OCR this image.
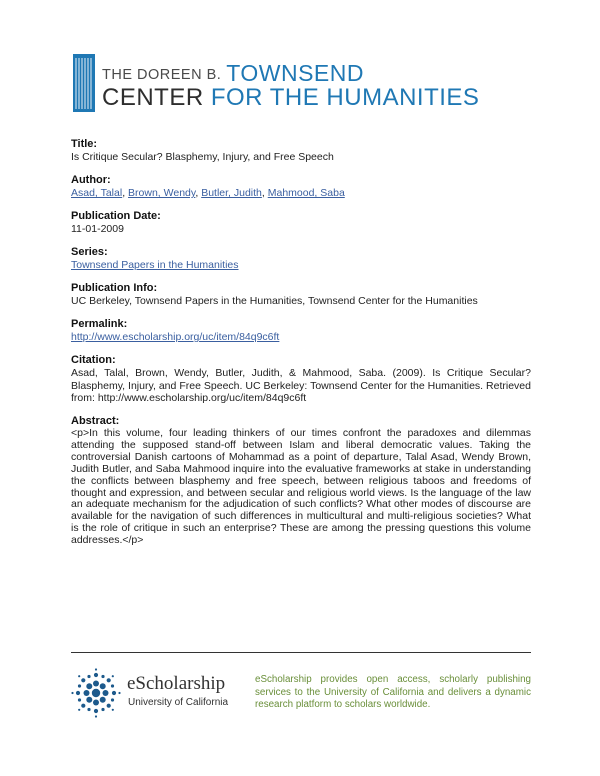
THE DOREEN B. TOWNSEND
CENTER FOR THE HUMANITIES
Title:
Is Critique Secular? Blasphemy, Injury, and Free Speech
Author:
Asad, Talal, Brown, Wendy, Butler, Judith, Mahmood, Saba
Publication Date:
11-01-2009
Series:
Townsend Papers in the Humanities
Publication Info:
UC Berkeley, Townsend Papers in the Humanities, Townsend Center for the Humanities
Permalink:
http://www.escholarship.org/uc/item/84q9c6ft
Citation:
Asad, Talal, Brown, Wendy, Butler, Judith, & Mahmood, Saba. (2009). Is Critique Secular? Blasphemy, Injury, and Free Speech. UC Berkeley: Townsend Center for the Humanities. Retrieved from: http://www.escholarship.org/uc/item/84q9c6ft
Abstract:
<p>In this volume, four leading thinkers of our times confront the paradoxes and dilemmas attending the supposed stand-off between Islam and liberal democratic values. Taking the controversial Danish cartoons of Mohammad as a point of departure, Talal Asad, Wendy Brown, Judith Butler, and Saba Mahmood inquire into the evaluative frameworks at stake in understanding the conflicts between blasphemy and free speech, between religious taboos and freedoms of thought and expression, and between secular and religious world views. Is the language of the law an adequate mechanism for the adjudication of such conflicts? What other modes of discourse are available for the navigation of such differences in multicultural and multi-religious societies? What is the role of critique in such an enterprise? These are among the pressing questions this volume addresses.</p>
eScholarship
University of California
eScholarship provides open access, scholarly publishing services to the University of California and delivers a dynamic research platform to scholars worldwide.
